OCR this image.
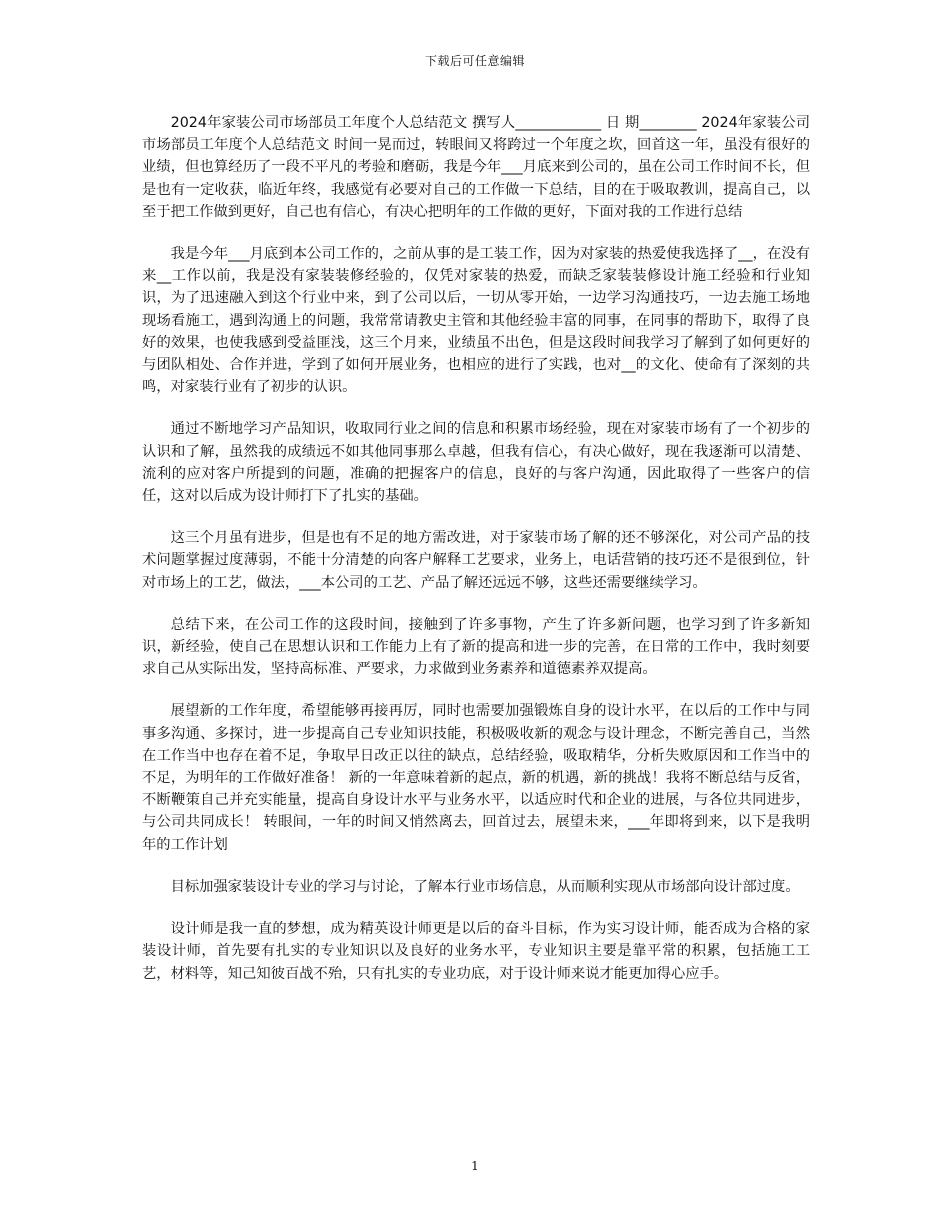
下载后可任意编辑

2024年家装公司市场部员工年度个人总结范文 撰写人____________ 日 期________ 2024年家装公司市场部员工年度个人总结范文 时间一晃而过，转眼间又将跨过一个年度之坎，回首这一年，虽没有很好的业绩，但也算经历了一段不平凡的考验和磨砺，我是今年___月底来到公司的，虽在公司工作时间不长，但是也有一定收获，临近年终，我感觉有必要对自己的工作做一下总结，目的在于吸取教训，提高自己，以至于把工作做到更好，自己也有信心，有决心把明年的工作做的更好，下面对我的工作进行总结

我是今年___月底到本公司工作的，之前从事的是工装工作，因为对家装的热爱使我选择了__，在没有来__工作以前，我是没有家装装修经验的，仅凭对家装的热爱，而缺乏家装装修设计施工经验和行业知识，为了迅速融入到这个行业中来，到了公司以后，一切从零开始，一边学习沟通技巧，一边去施工场地现场看施工，遇到沟通上的问题，我常常请教史主管和其他经验丰富的同事，在同事的帮助下，取得了良好的效果，也使我感到受益匪浅，这三个月来，业绩虽不出色，但是这段时间我学习了解到了如何更好的与团队相处、合作并进，学到了如何开展业务，也相应的进行了实践，也对__的文化、使命有了深刻的共鸣，对家装行业有了初步的认识。

通过不断地学习产品知识，收取同行业之间的信息和积累市场经验，现在对家装市场有了一个初步的认识和了解，虽然我的成绩远不如其他同事那么卓越，但我有信心，有决心做好，现在我逐渐可以清楚、流利的应对客户所提到的问题，准确的把握客户的信息，良好的与客户沟通，因此取得了一些客户的信任，这对以后成为设计师打下了扎实的基础。

这三个月虽有进步，但是也有不足的地方需改进，对于家装市场了解的还不够深化，对公司产品的技术问题掌握过度薄弱，不能十分清楚的向客户解释工艺要求，业务上，电话营销的技巧还不是很到位，针对市场上的工艺，做法，___本公司的工艺、产品了解还远远不够，这些还需要继续学习。

总结下来，在公司工作的这段时间，接触到了许多事物，产生了许多新问题，也学习到了许多新知识，新经验，使自己在思想认识和工作能力上有了新的提高和进一步的完善，在日常的工作中，我时刻要求自己从实际出发，坚持高标准、严要求，力求做到业务素养和道德素养双提高。

展望新的工作年度，希望能够再接再厉，同时也需要加强锻炼自身的设计水平，在以后的工作中与同事多沟通、多探讨，进一步提高自己专业知识技能，积极吸收新的观念与设计理念，不断完善自己，当然在工作当中也存在着不足，争取早日改正以往的缺点，总结经验，吸取精华，分析失败原因和工作当中的不足，为明年的工作做好准备！ 新的一年意味着新的起点，新的机遇，新的挑战！我将不断总结与反省，不断鞭策自己并充实能量，提高自身设计水平与业务水平，以适应时代和企业的进展，与各位共同进步，与公司共同成长！ 转眼间，一年的时间又悄然离去，回首过去，展望未来，___年即将到来，以下是我明年的工作计划

目标加强家装设计专业的学习与讨论，了解本行业市场信息，从而顺利实现从市场部向设计部过度。

设计师是我一直的梦想，成为精英设计师更是以后的奋斗目标，作为实习设计师，能否成为合格的家装设计师，首先要有扎实的专业知识以及良好的业务水平，专业知识主要是靠平常的积累，包括施工工艺，材料等，知己知彼百战不殆，只有扎实的专业功底，对于设计师来说才能更加得心应手。

1
